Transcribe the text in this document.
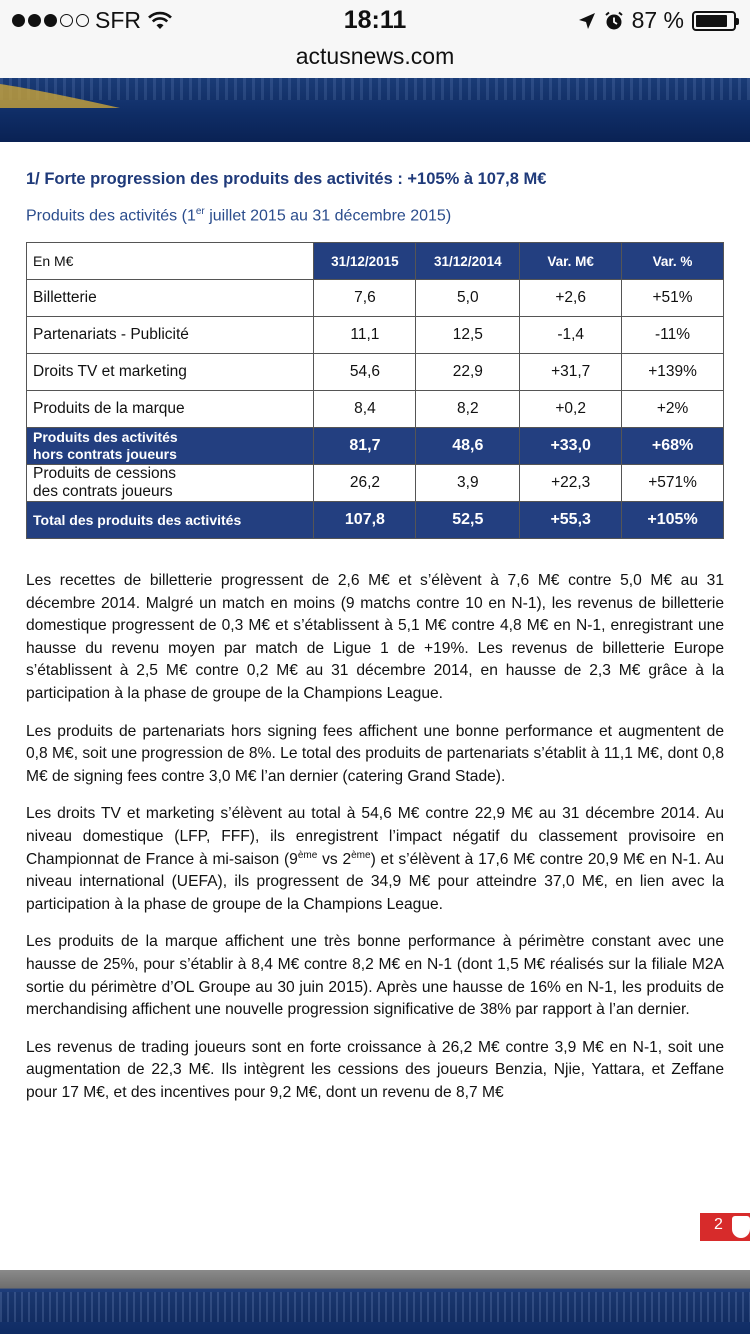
SFR	18:11	87 %
actusnews.com
1/ Forte progression des produits des activités : +105% à 107,8 M€
Produits des activités (1er juillet 2015 au 31 décembre 2015)
En M€	31/12/2015	31/12/2014	Var. M€	Var. %
Billetterie	7,6	5,0	+2,6	+51%
Partenariats - Publicité	11,1	12,5	-1,4	-11%
Droits TV et marketing	54,6	22,9	+31,7	+139%
Produits de la marque	8,4	8,2	+0,2	+2%
Produits des activités
hors contrats joueurs	81,7	48,6	+33,0	+68%
Produits de cessions
des contrats joueurs	26,2	3,9	+22,3	+571%
Total des produits des activités	107,8	52,5	+55,3	+105%

Les recettes de billetterie progressent de 2,6 M€ et s’élèvent à 7,6 M€ contre 5,0 M€ au 31 décembre 2014. Malgré un match en moins (9 matchs contre 10 en N-1), les revenus de billetterie domestique progressent de 0,3 M€ et s’établissent à 5,1 M€ contre 4,8 M€ en N-1, enregistrant une hausse du revenu moyen par match de Ligue 1 de +19%. Les revenus de billetterie Europe s’établissent à 2,5 M€ contre 0,2 M€ au 31 décembre 2014, en hausse de 2,3 M€ grâce à la participation à la phase de groupe de la Champions League.

Les produits de partenariats hors signing fees affichent une bonne performance et augmentent de 0,8 M€, soit une progression de 8%. Le total des produits de partenariats s’établit à 11,1 M€, dont 0,8 M€ de signing fees contre 3,0 M€ l’an dernier (catering Grand Stade).

Les droits TV et marketing s’élèvent au total à 54,6 M€ contre 22,9 M€ au 31 décembre 2014. Au niveau domestique (LFP, FFF), ils enregistrent l’impact négatif du classement provisoire en Championnat de France à mi-saison (9ème vs 2ème) et s’élèvent à 17,6 M€ contre 20,9 M€ en N-1. Au niveau international (UEFA), ils progressent de 34,9 M€ pour atteindre 37,0 M€, en lien avec la participation à la phase de groupe de la Champions League.

Les produits de la marque affichent une très bonne performance à périmètre constant avec une hausse de 25%, pour s’établir à 8,4 M€ contre 8,2 M€ en N-1 (dont 1,5 M€ réalisés sur la filiale M2A sortie du périmètre d’OL Groupe au 30 juin 2015). Après une hausse de 16% en N-1, les produits de merchandising affichent une nouvelle progression significative de 38% par rapport à l’an dernier.

Les revenus de trading joueurs sont en forte croissance à 26,2 M€ contre 3,9 M€ en N-1, soit une augmentation de 22,3 M€. Ils intègrent les cessions des joueurs Benzia, Njie, Yattara, et Zeffane pour 17 M€, et des incentives pour 9,2 M€, dont un revenu de 8,7 M€

2
